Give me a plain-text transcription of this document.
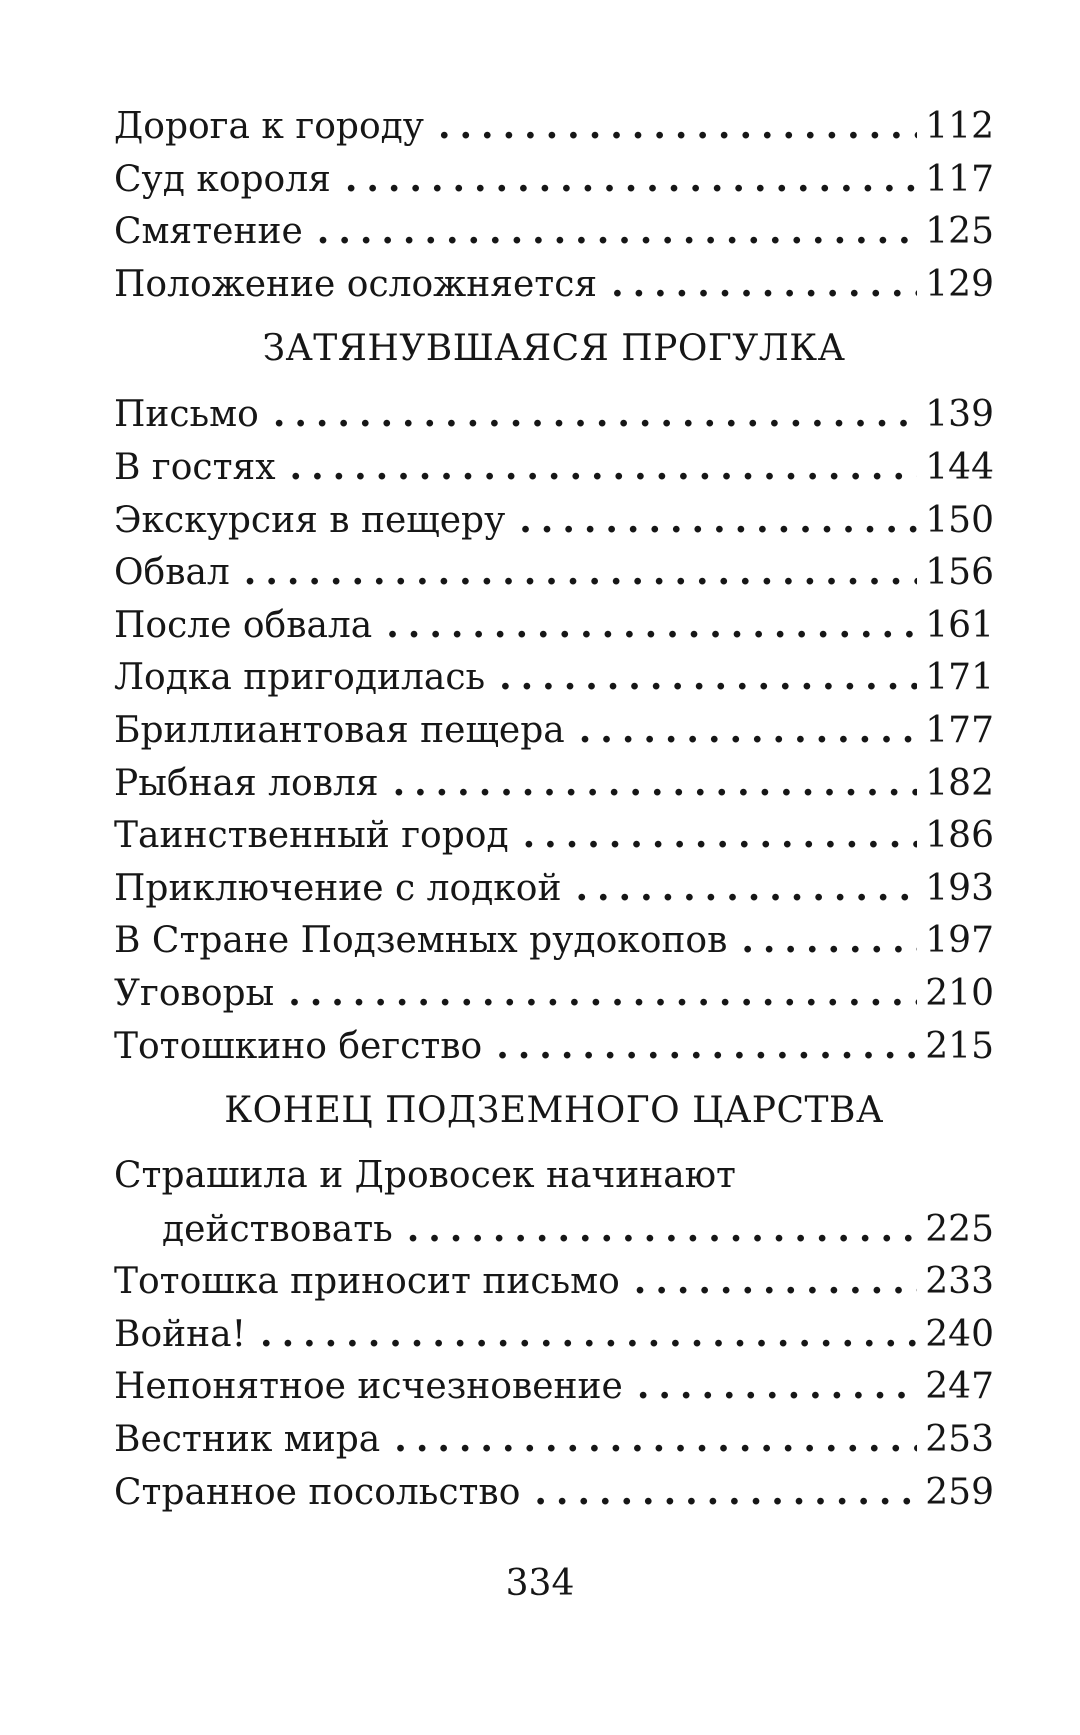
Дорога к городу .....	112
Суд короля .....	117
Смятение .....	125
Положение осложняется .....	129
ЗАТЯНУВШАЯСЯ ПРОГУЛКА
Письмо .....	139
В гостях .....	144
Экскурсия в пещеру .....	150
Обвал .....	156
После обвала .....	161
Лодка пригодилась .....	171
Бриллиантовая пещера .....	177
Рыбная ловля .....	182
Таинственный город .....	186
Приключение с лодкой .....	193
В Стране Подземных рудокопов .....	197
Уговоры .....	210
Тотошкино бегство .....	215
КОНЕЦ ПОДЗЕМНОГО ЦАРСТВА
Страшила и Дровосек начинают
действовать .....	225
Тотошка приносит письмо .....	233
Война! .....	240
Непонятное исчезновение .....	247
Вестник мира .....	253
Странное посольство .....	259
334
